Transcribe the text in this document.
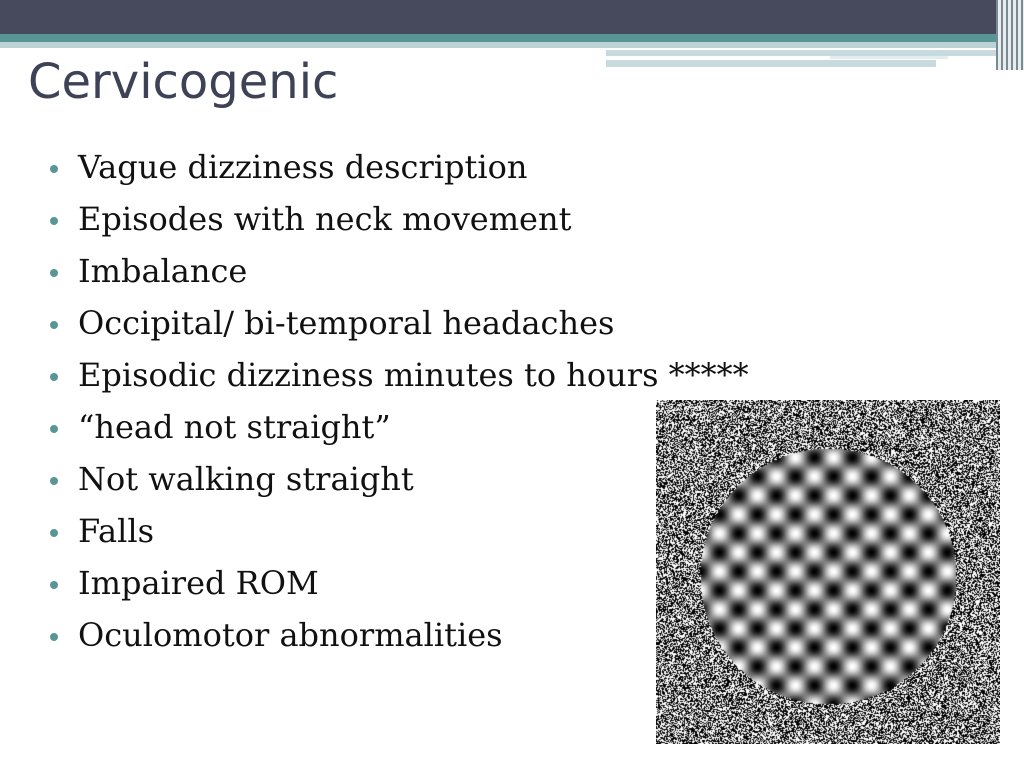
Cervicogenic
Vague dizziness description
Episodes with neck movement
Imbalance
Occipital/ bi-temporal headaches
Episodic dizziness minutes to hours *****
“head not straight”
Not walking straight
Falls
Impaired ROM
Oculomotor abnormalities
